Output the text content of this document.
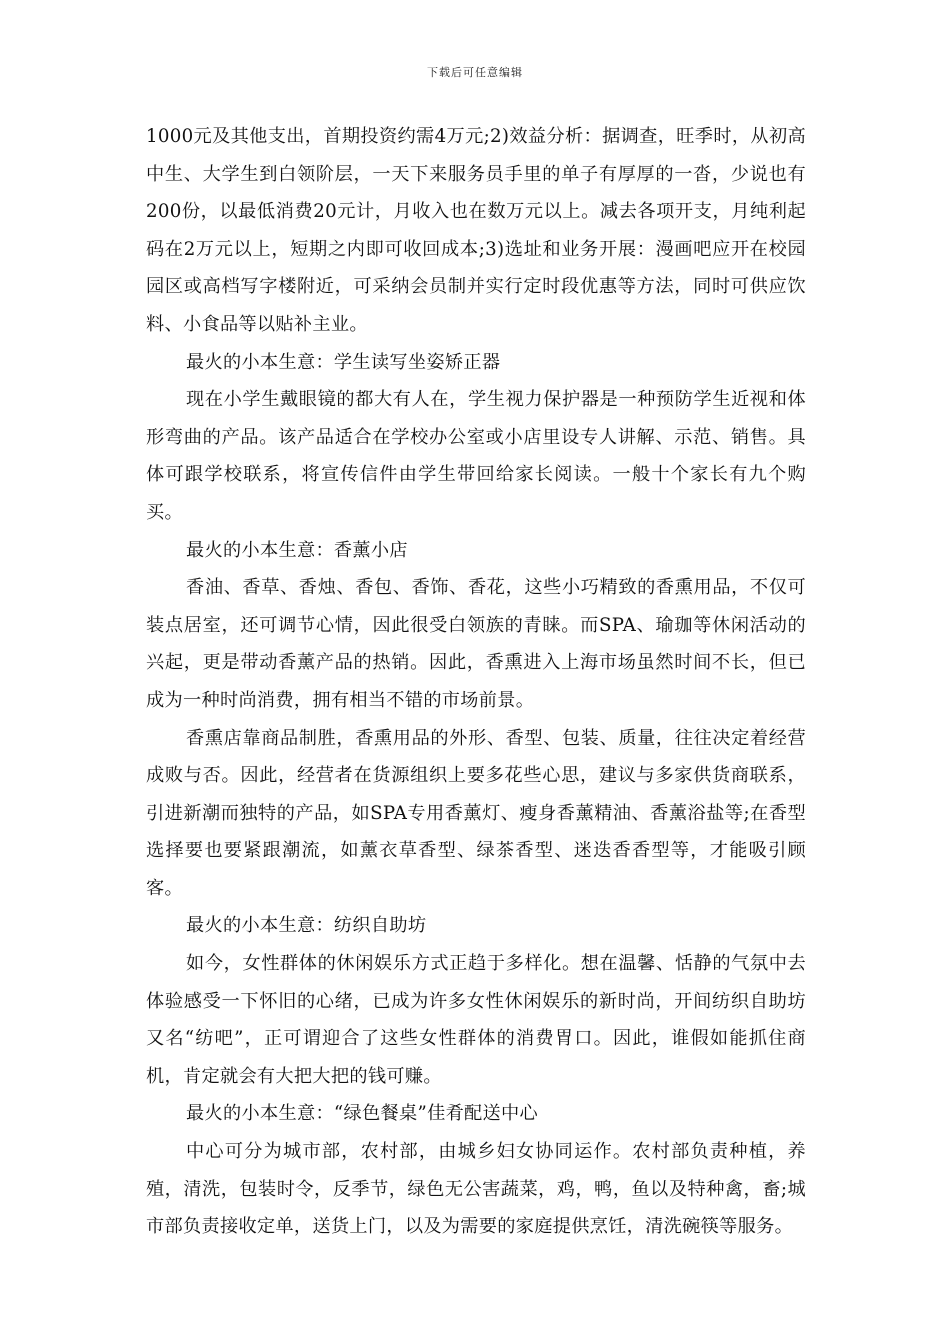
下载后可任意编辑

1000元及其他支出，首期投资约需4万元;2)效益分析：据调查，旺季时，从初高中生、大学生到白领阶层，一天下来服务员手里的单子有厚厚的一沓，少说也有200份，以最低消费20元计，月收入也在数万元以上。减去各项开支，月纯利起码在2万元以上，短期之内即可收回成本;3)选址和业务开展：漫画吧应开在校园园区或高档写字楼附近，可采纳会员制并实行定时段优惠等方法，同时可供应饮料、小食品等以贴补主业。

最火的小本生意：学生读写坐姿矫正器

现在小学生戴眼镜的都大有人在，学生视力保护器是一种预防学生近视和体形弯曲的产品。该产品适合在学校办公室或小店里设专人讲解、示范、销售。具体可跟学校联系，将宣传信件由学生带回给家长阅读。一般十个家长有九个购买。

最火的小本生意：香薰小店

香油、香草、香烛、香包、香饰、香花，这些小巧精致的香熏用品，不仅可装点居室，还可调节心情，因此很受白领族的青睐。而SPA、瑜珈等休闲活动的兴起，更是带动香薰产品的热销。因此，香熏进入上海市场虽然时间不长，但已成为一种时尚消费，拥有相当不错的市场前景。

香熏店靠商品制胜，香熏用品的外形、香型、包装、质量，往往决定着经营成败与否。因此，经营者在货源组织上要多花些心思，建议与多家供货商联系，引进新潮而独特的产品，如SPA专用香薰灯、瘦身香薰精油、香薰浴盐等;在香型选择要也要紧跟潮流，如薰衣草香型、绿茶香型、迷迭香香型等，才能吸引顾客。

最火的小本生意：纺织自助坊

如今，女性群体的休闲娱乐方式正趋于多样化。想在温馨、恬静的气氛中去体验感受一下怀旧的心绪，已成为许多女性休闲娱乐的新时尚，开间纺织自助坊又名“纺吧”，正可谓迎合了这些女性群体的消费胃口。因此，谁假如能抓住商机，肯定就会有大把大把的钱可赚。

最火的小本生意：“绿色餐桌”佳肴配送中心

中心可分为城市部，农村部，由城乡妇女协同运作。农村部负责种植，养殖，清洗，包装时令，反季节，绿色无公害蔬菜，鸡，鸭，鱼以及特种禽，畜;城市部负责接收定单，送货上门，以及为需要的家庭提供烹饪，清洗碗筷等服务。
